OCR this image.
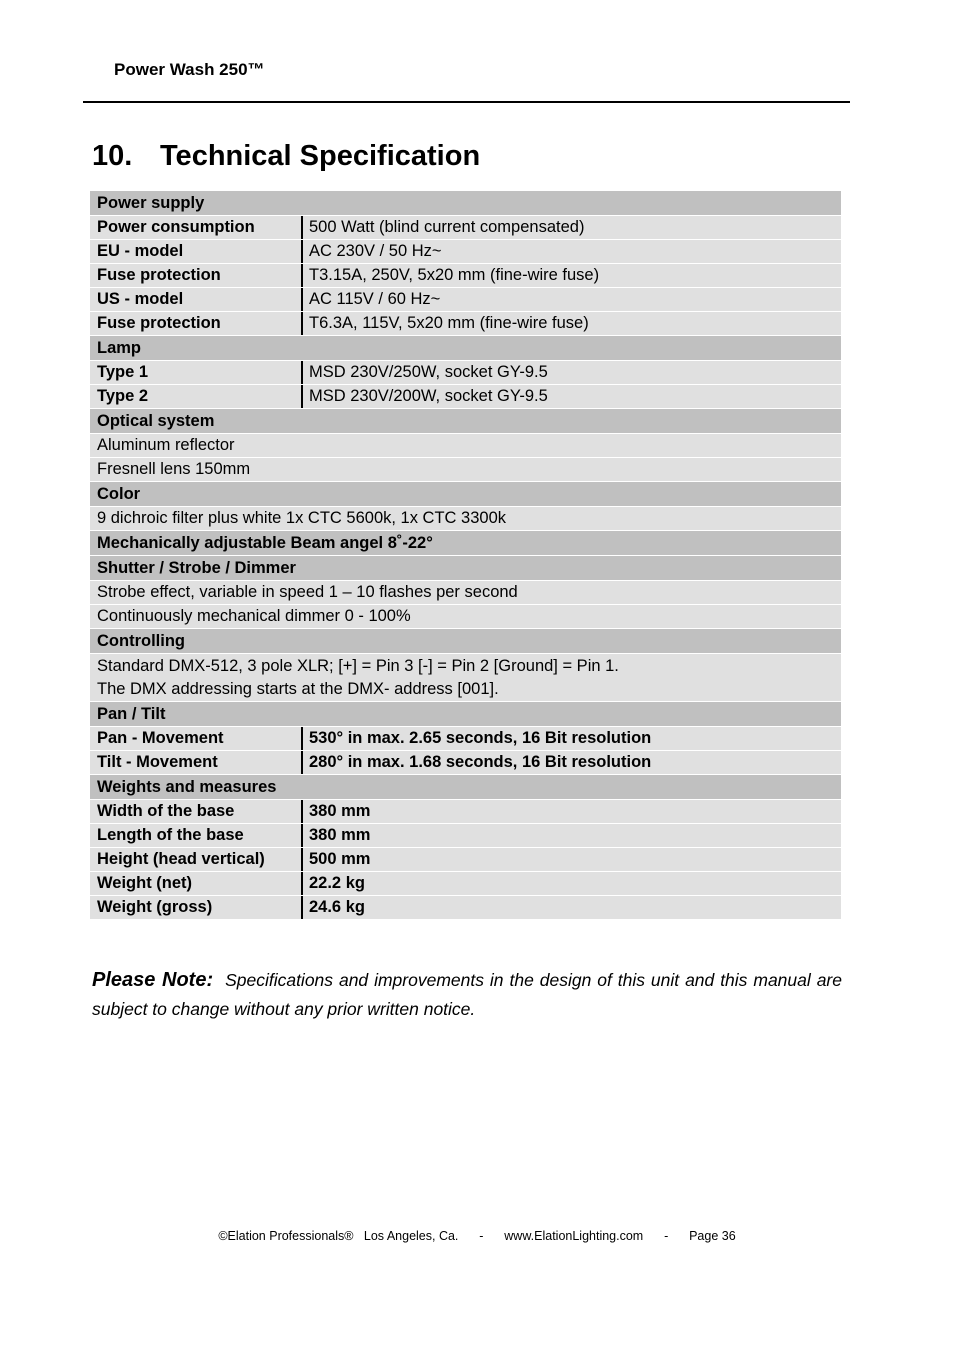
Power Wash 250™
10. Technical Specification
Power supply
Power consumption	500 Watt (blind current compensated)
EU - model	AC 230V / 50 Hz~
Fuse protection	T3.15A, 250V, 5x20 mm (fine-wire fuse)
US - model	AC 115V / 60 Hz~
Fuse protection	T6.3A, 115V, 5x20 mm (fine-wire fuse)
Lamp
Type 1	MSD 230V/250W, socket GY-9.5
Type 2	MSD 230V/200W, socket GY-9.5
Optical system
Aluminum reflector
Fresnell lens 150mm
Color
9 dichroic filter plus white 1x CTC 5600k, 1x CTC 3300k
Mechanically adjustable Beam angel 8˚-22°
Shutter / Strobe / Dimmer
Strobe effect, variable in speed 1 – 10 flashes per second
Continuously mechanical dimmer 0 - 100%
Controlling
Standard DMX-512, 3 pole XLR; [+] = Pin 3 [-] = Pin 2 [Ground] = Pin 1.
The DMX addressing starts at the DMX- address [001].
Pan / Tilt
Pan - Movement	530° in max. 2.65 seconds, 16 Bit resolution
Tilt - Movement	280° in max. 1.68 seconds, 16 Bit resolution
Weights and measures
Width of the base	380 mm
Length of the base	380 mm
Height (head vertical)	500 mm
Weight (net)	22.2 kg
Weight (gross)	24.6 kg
Please Note: Specifications and improvements in the design of this unit and this manual are subject to change without any prior written notice.
©Elation Professionals®   Los Angeles, Ca.
-
www.ElationLighting.com
-
Page 36
